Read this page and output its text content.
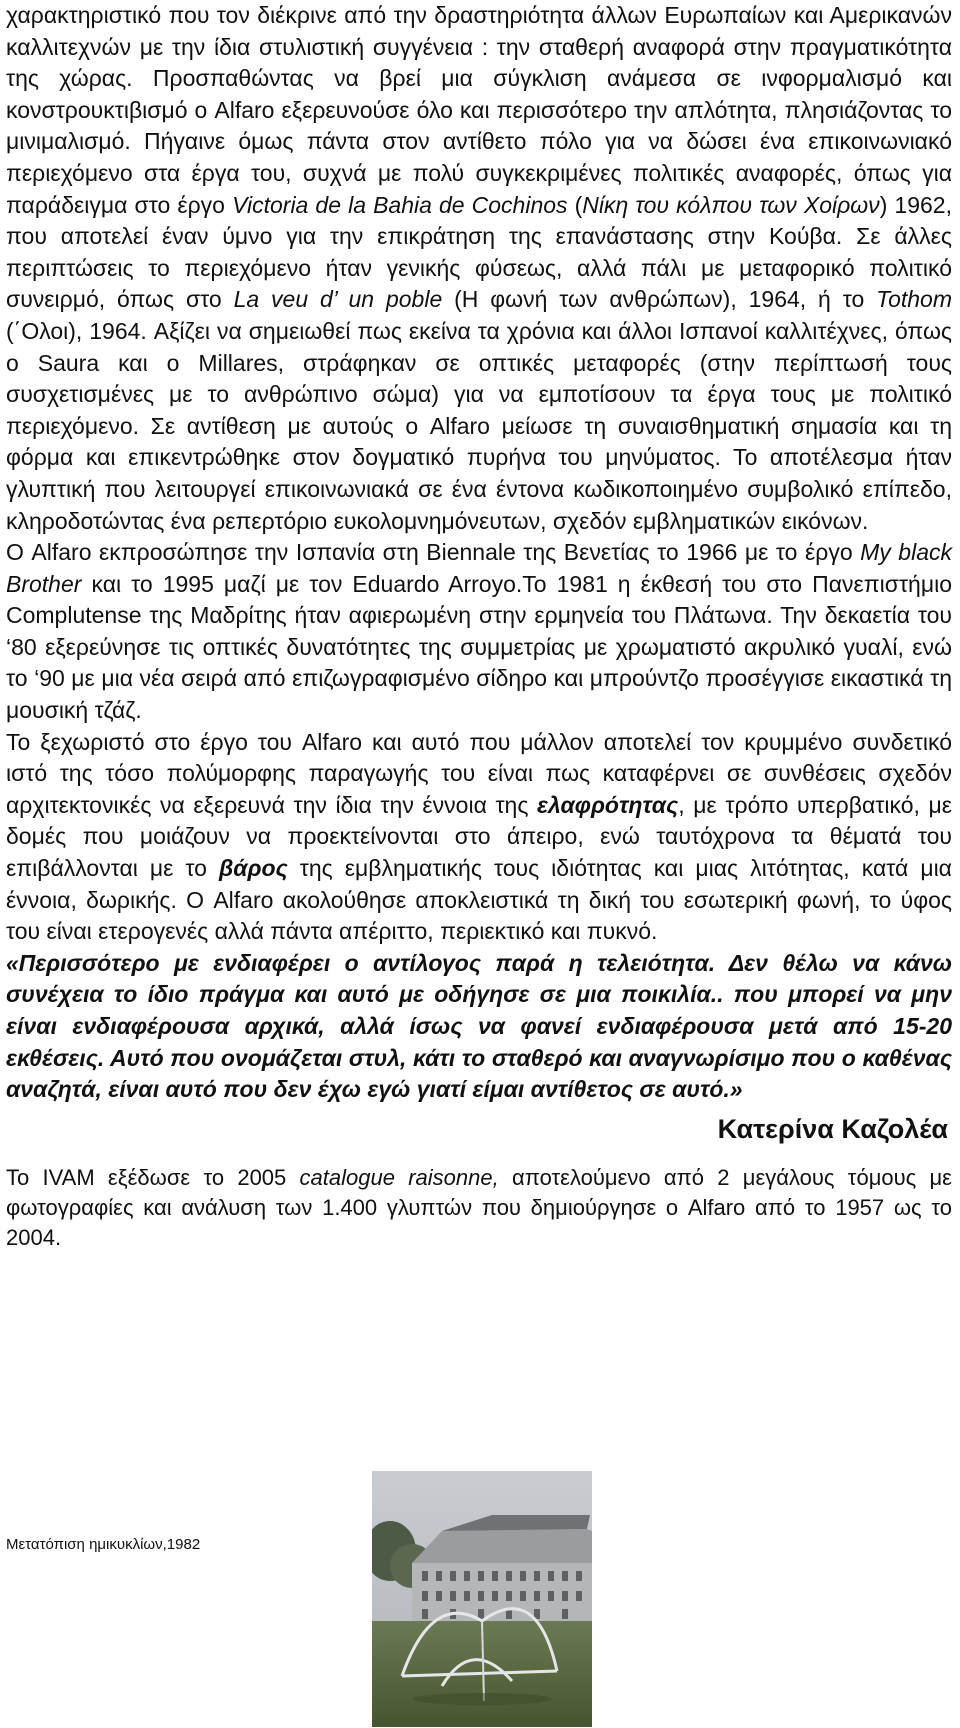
χαρακτηριστικό που τον διέκρινε από την δραστηριότητα άλλων Ευρωπαίων και Αμερικανών καλλιτεχνών με την ίδια στυλιστική συγγένεια : την σταθερή αναφορά στην πραγματικότητα της χώρας. Προσπαθώντας να βρεί μια σύγκλιση ανάμεσα σε ινφορμαλισμό και κονστρουκτιβισμό ο Alfaro εξερευνούσε όλο και περισσότερο την απλότητα, πλησιάζοντας το μινιμαλισμό. Πήγαινε όμως πάντα στον αντίθετο πόλο για να δώσει ένα επικοινωνιακό περιεχόμενο στα έργα του, συχνά με πολύ συγκεκριμένες πολιτικές αναφορές, όπως για παράδειγμα στο έργο Victoria de la Bahia de Cochinos (Νίκη του κόλπου των Χοίρων) 1962, που αποτελεί έναν ύμνο για την επικράτηση της επανάστασης στην Κούβα. Σε άλλες περιπτώσεις το περιεχόμενο ήταν γενικής φύσεως, αλλά πάλι με μεταφορικό πολιτικό συνειρμό, όπως στο La veu d’ un poble (Η φωνή των ανθρώπων), 1964, ή το Tothom (΄Ολοι), 1964. Αξίζει να σημειωθεί πως εκείνα τα χρόνια και άλλοι Ισπανοί καλλιτέχνες, όπως ο Saura και ο Millares, στράφηκαν σε οπτικές μεταφορές (στην περίπτωσή τους συσχετισμένες με το ανθρώπινο σώμα) για να εμποτίσουν τα έργα τους με πολιτικό περιεχόμενο. Σε αντίθεση με αυτούς ο Alfaro μείωσε τη συναισθηματική σημασία και τη φόρμα και επικεντρώθηκε στον δογματικό πυρήνα του μηνύματος. Το αποτέλεσμα ήταν γλυπτική που λειτουργεί επικοινωνιακά σε ένα έντονα κωδικοποιημένο συμβολικό επίπεδο, κληροδοτώντας ένα ρεπερτόριο ευκολομνημόνευτων, σχεδόν εμβληματικών εικόνων.

Ο Alfaro εκπροσώπησε την Ισπανία στη Biennale της Βενετίας το 1966 με το έργο My black Brother και το 1995 μαζί με τον Eduardo Arroyo.Το 1981 η έκθεσή του στο Πανεπιστήμιο Complutense της Μαδρίτης ήταν αφιερωμένη στην ερμηνεία του Πλάτωνα. Την δεκαετία του ‘80 εξερεύνησε τις οπτικές δυνατότητες της συμμετρίας με χρωματιστό ακρυλικό γυαλί, ενώ το ‘90 με μια νέα σειρά από επιζωγραφισμένο σίδηρο και μπρούντζο προσέγγισε εικαστικά τη μουσική τζάζ.

Το ξεχωριστό στο έργο του Alfaro και αυτό που μάλλον αποτελεί τον κρυμμένο συνδετικό ιστό της τόσο πολύμορφης παραγωγής του είναι πως καταφέρνει σε συνθέσεις σχεδόν αρχιτεκτονικές να εξερευνά την ίδια την έννοια της ελαφρότητας, με τρόπο υπερβατικό, με δομές που μοιάζουν να προεκτείνονται στο άπειρο, ενώ ταυτόχρονα τα θέματά του επιβάλλονται με το βάρος της εμβληματικής τους ιδιότητας και μιας λιτότητας, κατά μια έννοια, δωρικής. Ο Alfaro ακολούθησε αποκλειστικά τη δική του εσωτερική φωνή, το ύφος του είναι ετερογενές αλλά πάντα απέριττο, περιεκτικό και πυκνό.

«Περισσότερο με ενδιαφέρει ο αντίλογος παρά η τελειότητα. Δεν θέλω να κάνω συνέχεια το ίδιο πράγμα και αυτό με οδήγησε σε μια ποικιλία.. που μπορεί να μην είναι ενδιαφέρουσα αρχικά, αλλά ίσως να φανεί ενδιαφέρουσα μετά από 15-20 εκθέσεις. Αυτό που ονομάζεται στυλ, κάτι το σταθερό και αναγνωρίσιμο που ο καθένας αναζητά, είναι αυτό που δεν έχω εγώ γιατί είμαι αντίθετος σε αυτό.»

Κατερίνα Καζολέα

Το IVAM εξέδωσε το 2005 catalogue raisonne, αποτελούμενο από 2 μεγάλους τόμους με φωτογραφίες και ανάλυση των 1.400 γλυπτών που δημιούργησε ο Alfaro από το 1957 ως το 2004.

Μετατόπιση ημικυκλίων,1982
